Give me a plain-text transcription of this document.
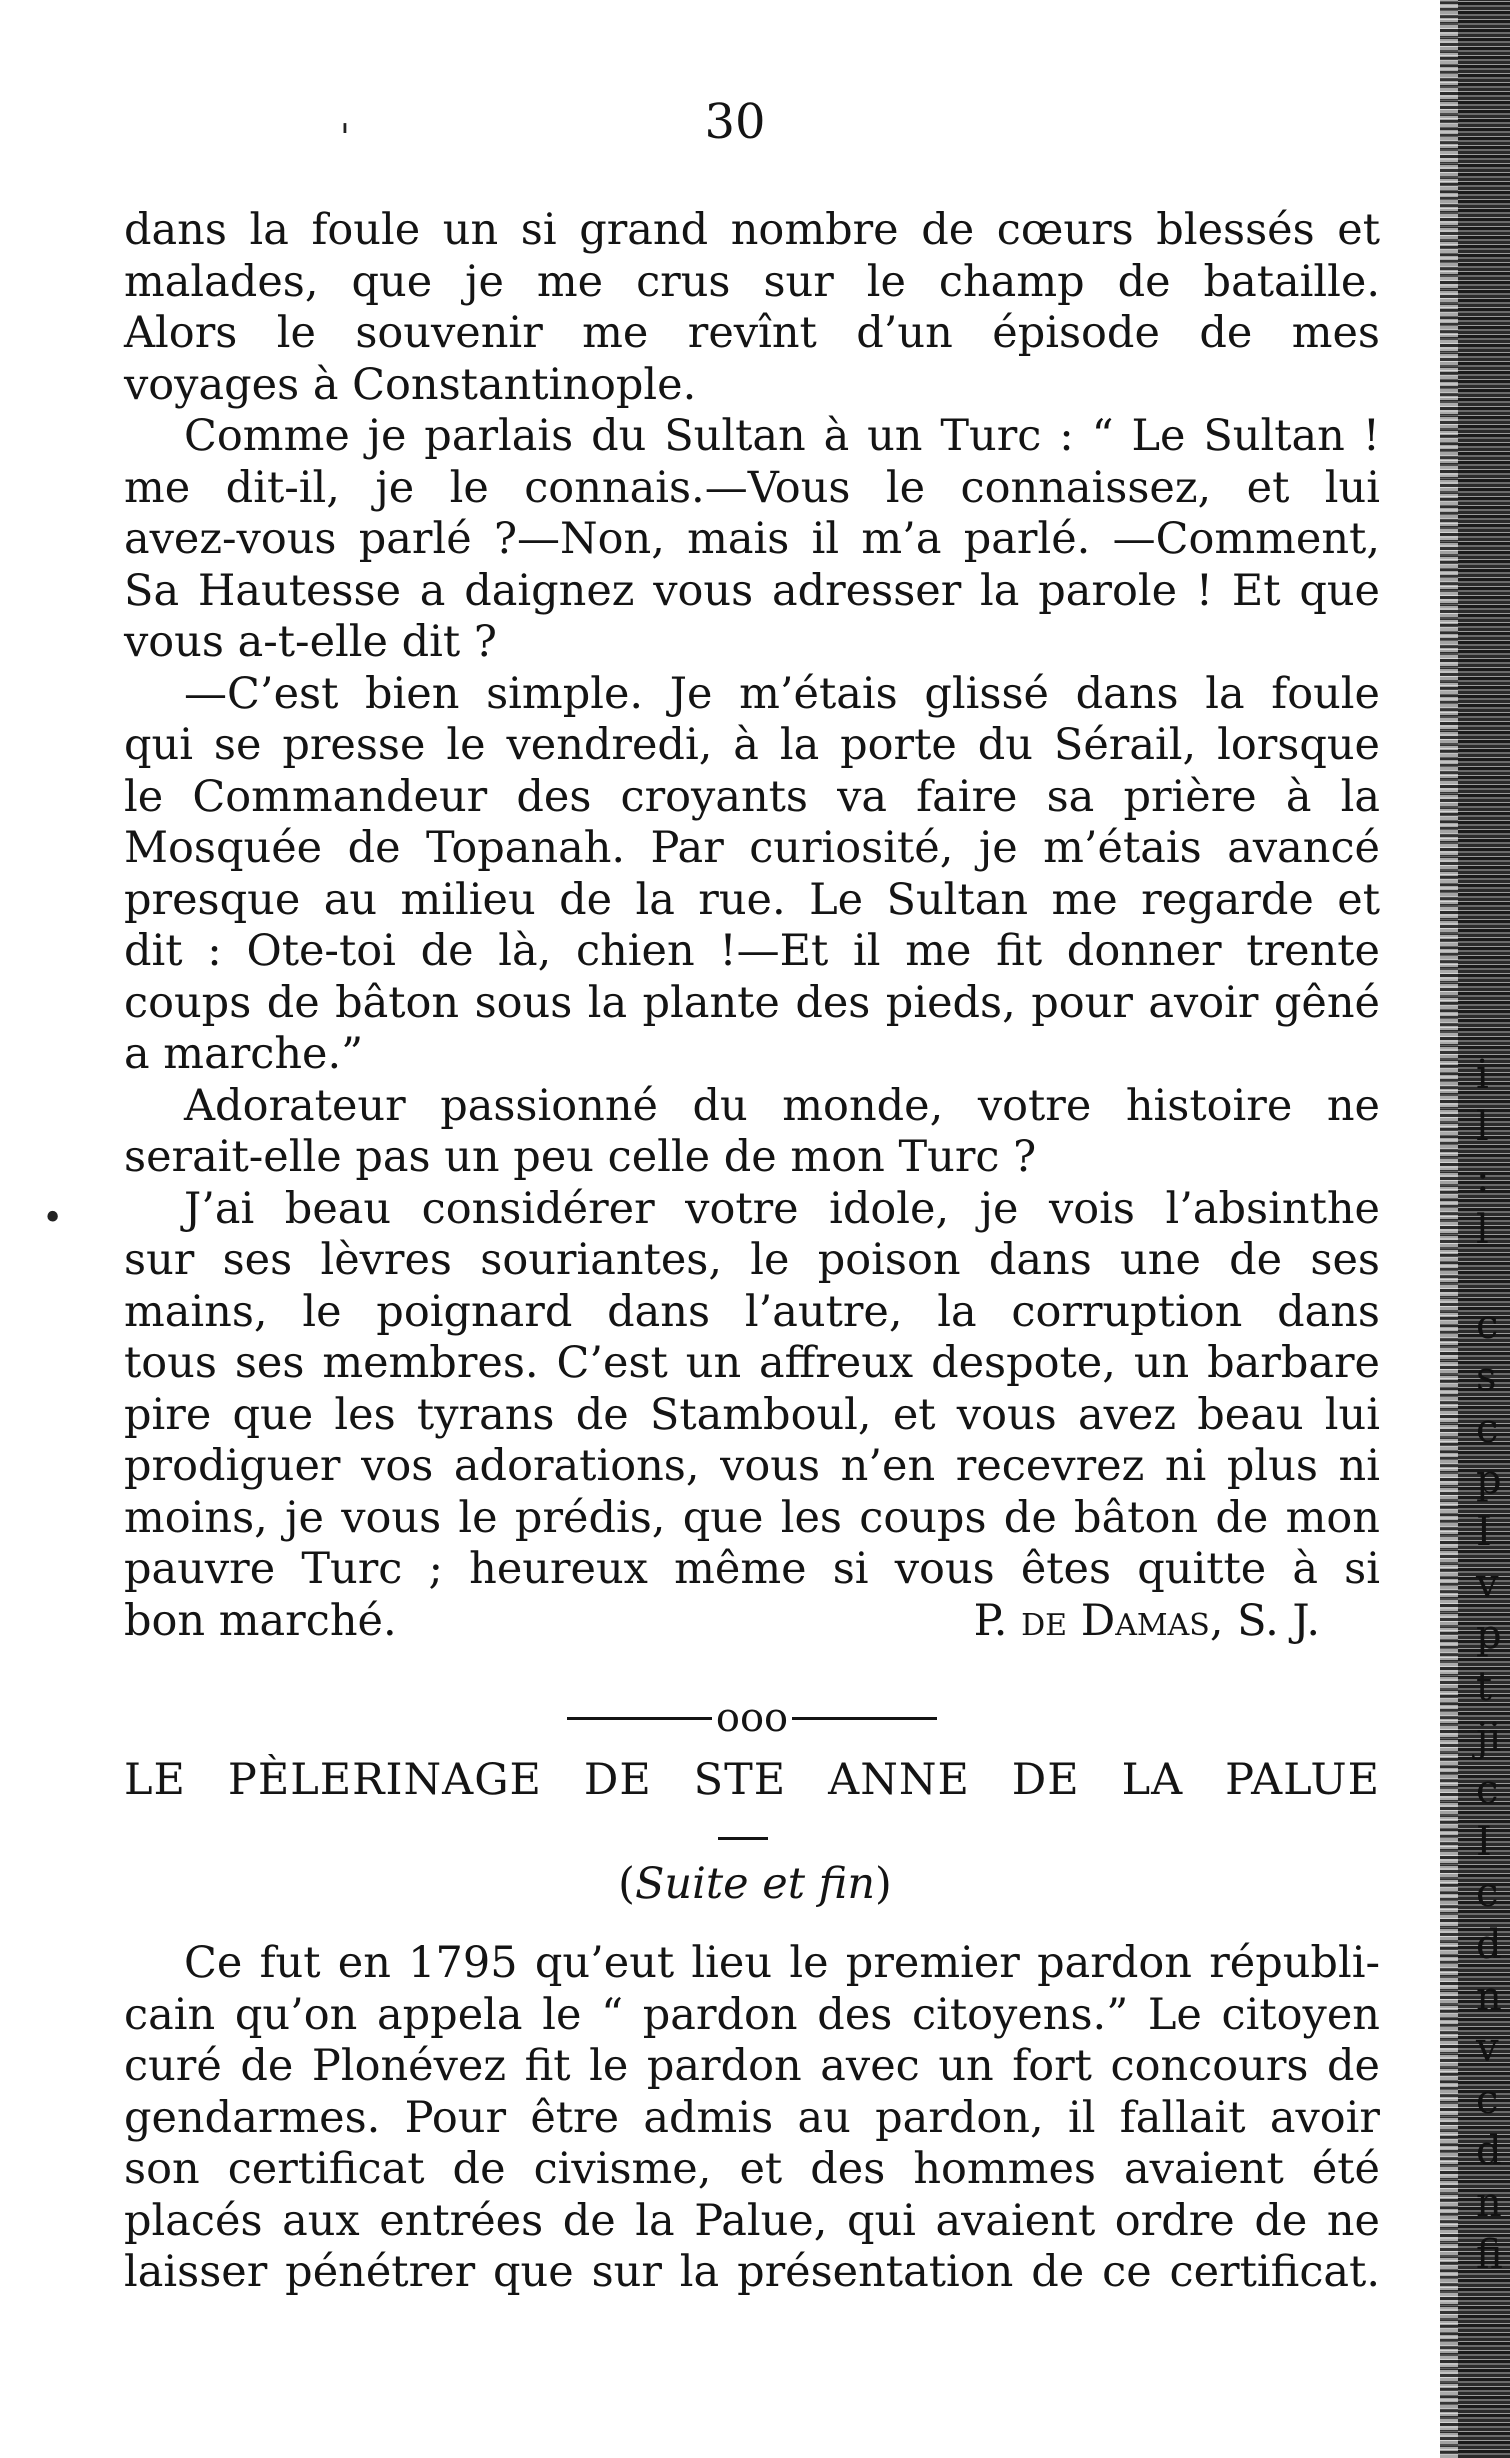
30
'
•
dans la foule un si grand nombre de cœurs blessés et
malades, que je me crus sur le champ de bataille.
Alors le souvenir me revînt d’un épisode de mes
voyages à Constantinople.
Comme je parlais du Sultan à un Turc : “ Le Sultan !
me dit-il, je le connais.—Vous le connaissez, et lui
avez-vous parlé ?—Non, mais il m’a parlé. —Comment,
Sa Hautesse a daignez vous adresser la parole ! Et que
vous a-t-elle dit ?
—C’est bien simple. Je m’étais glissé dans la foule
qui se presse le vendredi, à la porte du Sérail, lorsque
le Commandeur des croyants va faire sa prière à la
Mosquée de Topanah. Par curiosité, je m’étais avancé
presque au milieu de la rue. Le Sultan me regarde et
dit : Ote-toi de là, chien !—Et il me fit donner trente
coups de bâton sous la plante des pieds, pour avoir gêné
a marche.”
Adorateur passionné du monde, votre histoire ne
serait-elle pas un peu celle de mon Turc ?
J’ai beau considérer votre idole, je vois l’absinthe
sur ses lèvres souriantes, le poison dans une de ses
mains, le poignard dans l’autre, la corruption dans
tous ses membres. C’est un affreux despote, un barbare
pire que les tyrans de Stamboul, et vous avez beau lui
prodiguer vos adorations, vous n’en recevrez ni plus ni
moins, je vous le prédis, que les coups de bâton de mon
pauvre Turc ; heureux même si vous êtes quitte à si
bon marché.	P. de Damas, S. J.
ooo
LE PÈLERINAGE DE STE ANNE DE LA PALUE
(Suite et fin)
Ce fut en 1795 qu’eut lieu le premier pardon républi-
cain qu’on appela le “ pardon des citoyens.” Le citoyen
curé de Plonévez fit le pardon avec un fort concours de
gendarmes. Pour être admis au pardon, il fallait avoir
son certificat de civisme, et des hommes avaient été
placés aux entrées de la Palue, qui avaient ordre de ne
laisser pénétrer que sur la présentation de ce certificat.
i
l
:
l
c
s
c
p
I
v
p
t
ji
c
I
c
d
n
v
c
d
n
fi
